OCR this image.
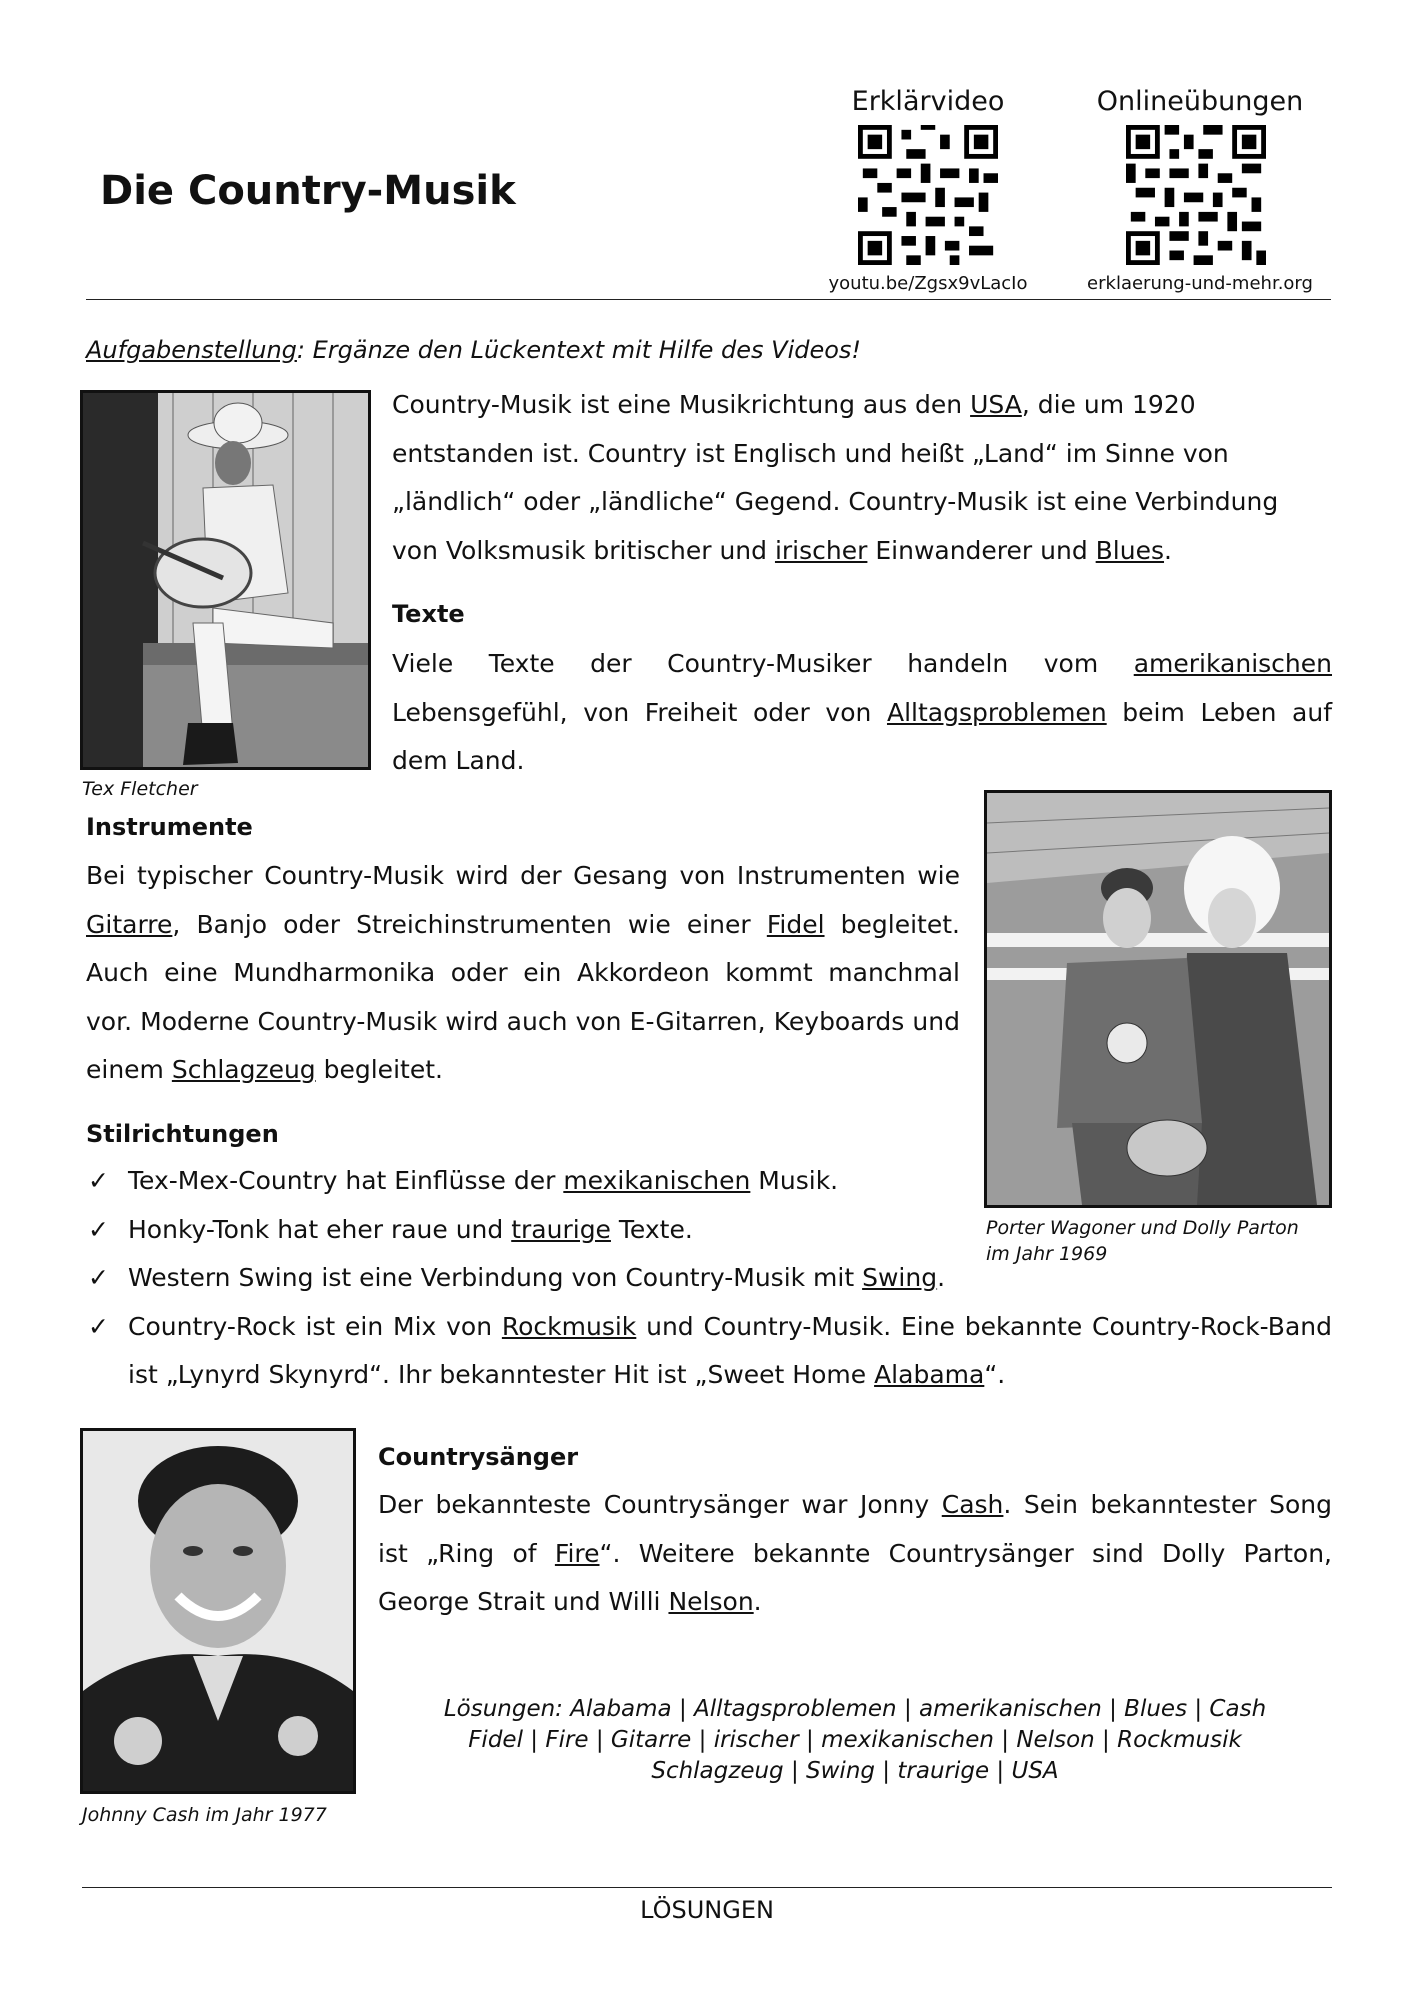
Die Country-Musik
Erklärvideo
youtu.be/Zgsx9vLacIo
Onlineübungen
erklaerung-und-mehr.org
Aufgabenstellung: Ergänze den Lückentext mit Hilfe des Videos!
Tex Fletcher

Country-Musik ist eine Musikrichtung aus den USA, die um 1920 entstanden ist. Country ist Englisch und heißt „Land“ im Sinne von „ländlich“ oder „ländliche“ Gegend. Country-Musik ist eine Verbindung von Volksmusik britischer und irischer Einwanderer und Blues.

Texte

Viele Texte der Country-Musiker handeln vom amerikanischen Lebensgefühl, von Freiheit oder von Alltagsproblemen beim Leben auf dem Land.

Instrumente

Bei typischer Country-Musik wird der Gesang von Instrumenten wie Gitarre, Banjo oder Streichinstrumenten wie einer Fidel begleitet. Auch eine Mundharmonika oder ein Akkordeon kommt manchmal vor. Moderne Country-Musik wird auch von E-Gitarren, Keyboards und einem Schlagzeug begleitet.

Porter Wagoner und Dolly Parton
im Jahr 1969
Stilrichtungen
✓ Tex-Mex-Country hat Einflüsse der mexikanischen Musik.
✓ Honky-Tonk hat eher raue und traurige Texte.
✓ Western Swing ist eine Verbindung von Country-Musik mit Swing.
✓ Country-Rock ist ein Mix von Rockmusik und Country-Musik. Eine bekannte Country-Rock-Band ist „Lynyrd Skynyrd“. Ihr bekanntester Hit ist „Sweet Home Alabama“.
Johnny Cash im Jahr 1977
Countrysänger

Der bekannteste Countrysänger war Jonny Cash. Sein bekanntester Song ist „Ring of Fire“. Weitere bekannte Countrysänger sind Dolly Parton, George Strait und Willi Nelson.

Lösungen: Alabama | Alltagsproblemen | amerikanischen | Blues | Cash
Fidel | Fire | Gitarre | irischer | mexikanischen | Nelson | Rockmusik
Schlagzeug | Swing | traurige | USA
LÖSUNGEN
